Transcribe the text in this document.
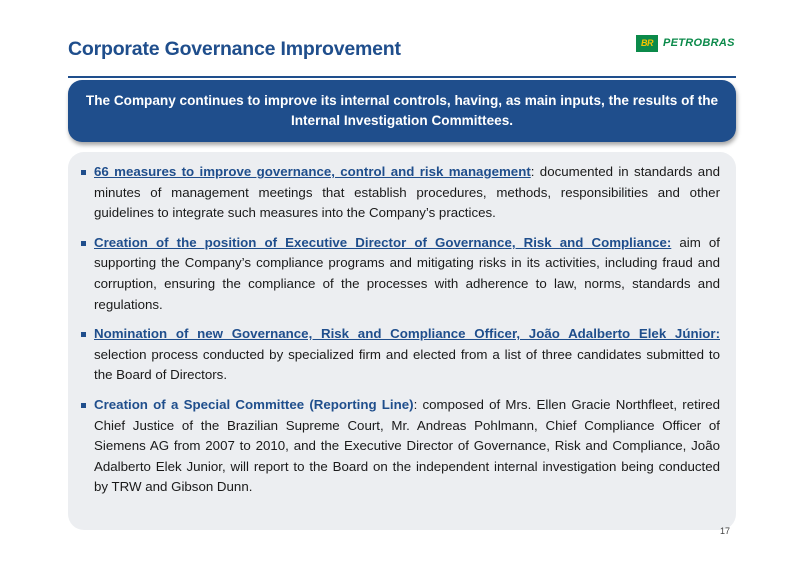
Corporate Governance Improvement	BR PETROBRAS
The Company continues to improve its internal controls, having, as main inputs, the results of the Internal Investigation Committees.
66 measures to improve governance, control and risk management: documented in standards and minutes of management meetings that establish procedures, methods, responsibilities and other guidelines to integrate such measures into the Company’s practices.
Creation of the position of Executive Director of Governance, Risk and Compliance: aim of supporting the Company’s compliance programs and mitigating risks in its activities, including fraud and corruption, ensuring the compliance of the processes with adherence to law, norms, standards and regulations.
Nomination of new Governance, Risk and Compliance Officer, João Adalberto Elek Júnior: selection process conducted by specialized firm and elected from a list of three candidates submitted to the Board of Directors.
Creation of a Special Committee (Reporting Line): composed of Mrs. Ellen Gracie Northfleet, retired Chief Justice of the Brazilian Supreme Court, Mr. Andreas Pohlmann, Chief Compliance Officer of Siemens AG from 2007 to 2010, and the Executive Director of Governance, Risk and Compliance, João Adalberto Elek Junior, will report to the Board on the independent internal investigation being conducted by TRW and Gibson Dunn.
17
